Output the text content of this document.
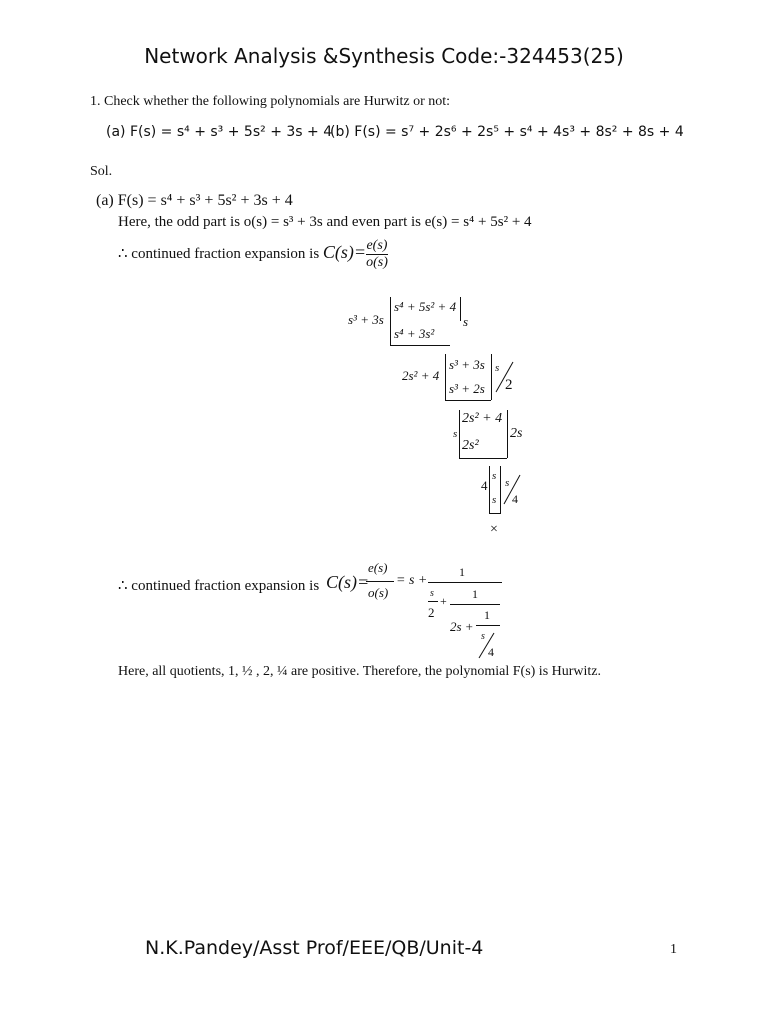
Network Analysis &Synthesis Code:-324453(25)
1. Check whether the following polynomials are Hurwitz or not:
(a) F(s) = s⁴ + s³ + 5s² + 3s + 4
(b) F(s) = s⁷ + 2s⁶ + 2s⁵ + s⁴ + 4s³ + 8s² + 8s + 4
Sol.
(a) F(s) = s⁴ + s³ + 5s² + 3s + 4
Here, the odd part is o(s) = s³ + 3s and even part is e(s) = s⁴ + 5s² + 4
∴ continued fraction expansion is $C(s)= \frac{e(s)}{o(s)}$
s³ + 3s
s⁴ + 5s² + 4
s
s⁴ + 3s²
2s² + 4
s³ + 3s
s³ + 2s
s
2
s
2s² + 4
2s
2s²
4
s
s
s
4
×
∴ continued fraction expansion is C(s)=
e(s)
o(s)
= s +
1
s
2
+ 1
1
2s +
s
4
Here, all quotients, 1, ½ , 2, ¼ are positive. Therefore, the polynomial F(s) is Hurwitz.
N.K.Pandey/Asst Prof/EEE/QB/Unit-4	1
